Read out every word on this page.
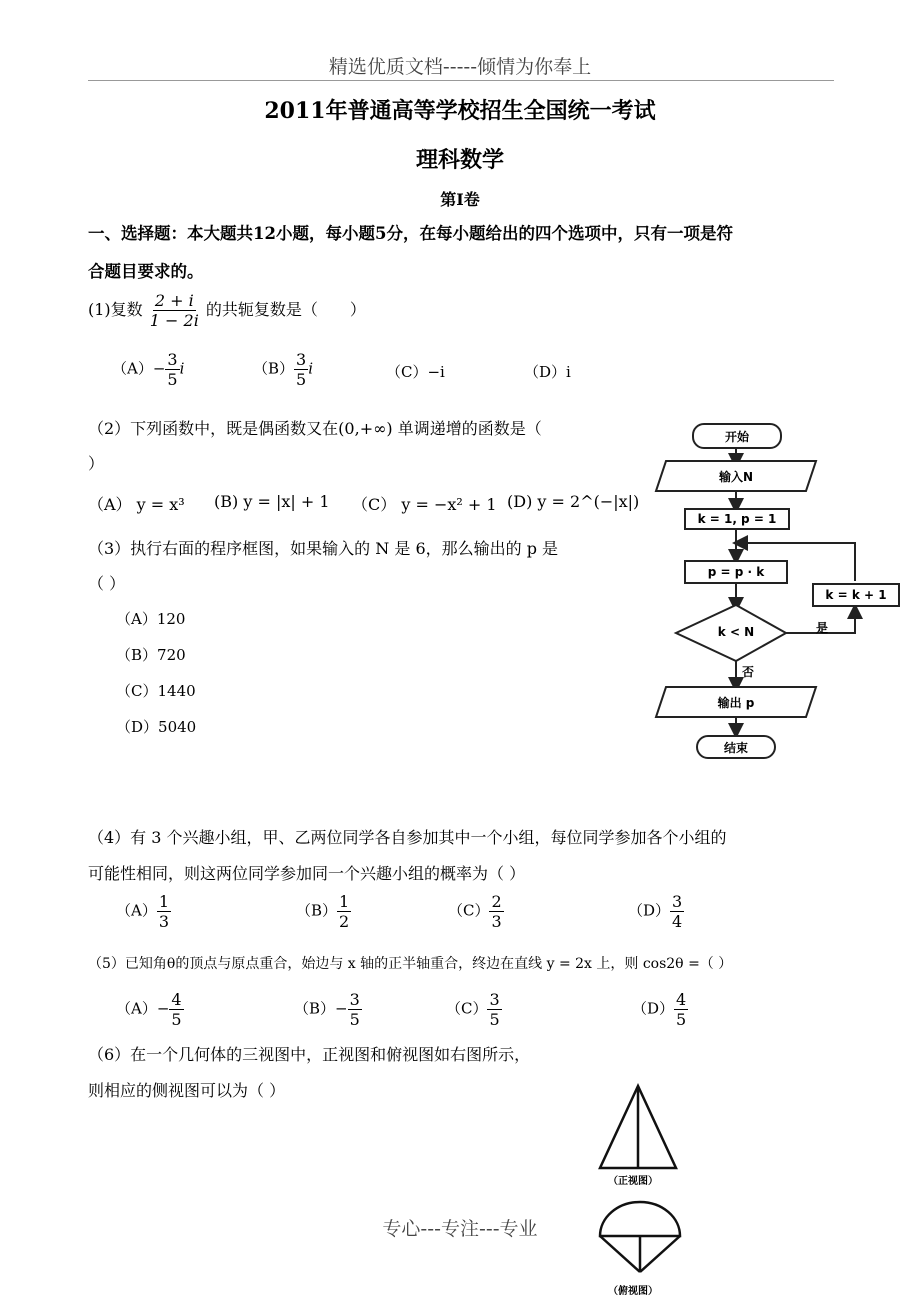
精选优质文档-----倾情为你奉上
2011年普通高等学校招生全国统一考试
理科数学
第Ⅰ卷
一、选择题：本大题共12小题，每小题5分，在每小题给出的四个选项中，只有一项是符
合题目要求的。
(1)复数 $\frac{2 + i}{1 - 2i}$ 的共轭复数是（　　）
$(A)- \frac{3}{5}$ i	$(B) \frac{3}{5}$ i	（C）−i	（D）i
（2）下列函数中，既是偶函数又在(0,+∞) 单调递增的函数是（
）
（A） y = x³ (B) y = |x| + 1 （C） y = −x² + 1 (D) y = 2^(−|x|)
（3）执行右面的程序框图，如果输入的 N 是 6，那么输出的 p 是
（ ）
（A）120
（B）720
（C）1440
（D）5040
开始
输入N
k = 1, p = 1
p = p · k
k < N
k = k + 1
是
否
输出 p
结束
（4）有 3 个兴趣小组，甲、乙两位同学各自参加其中一个小组，每位同学参加各个小组的
可能性相同，则这两位同学参加同一个兴趣小组的概率为（ ）
$(A) \frac{1}{3}$	$(B) \frac{1}{2}$	$(C) \frac{2}{3}$	$(D) \frac{3}{4}$
（5）已知角θ的顶点与原点重合，始边与 x 轴的正半轴重合，终边在直线 y = 2x 上，则 cos2θ =（ ）
$(A)- \frac{4}{5}$	$(B)- \frac{3}{5}$	$(C) \frac{3}{5}$	$(D) \frac{4}{5}$
（6）在一个几何体的三视图中，正视图和俯视图如右图所示，
则相应的侧视图可以为（ ）
（正视图）
（俯视图）
专心---专注---专业
